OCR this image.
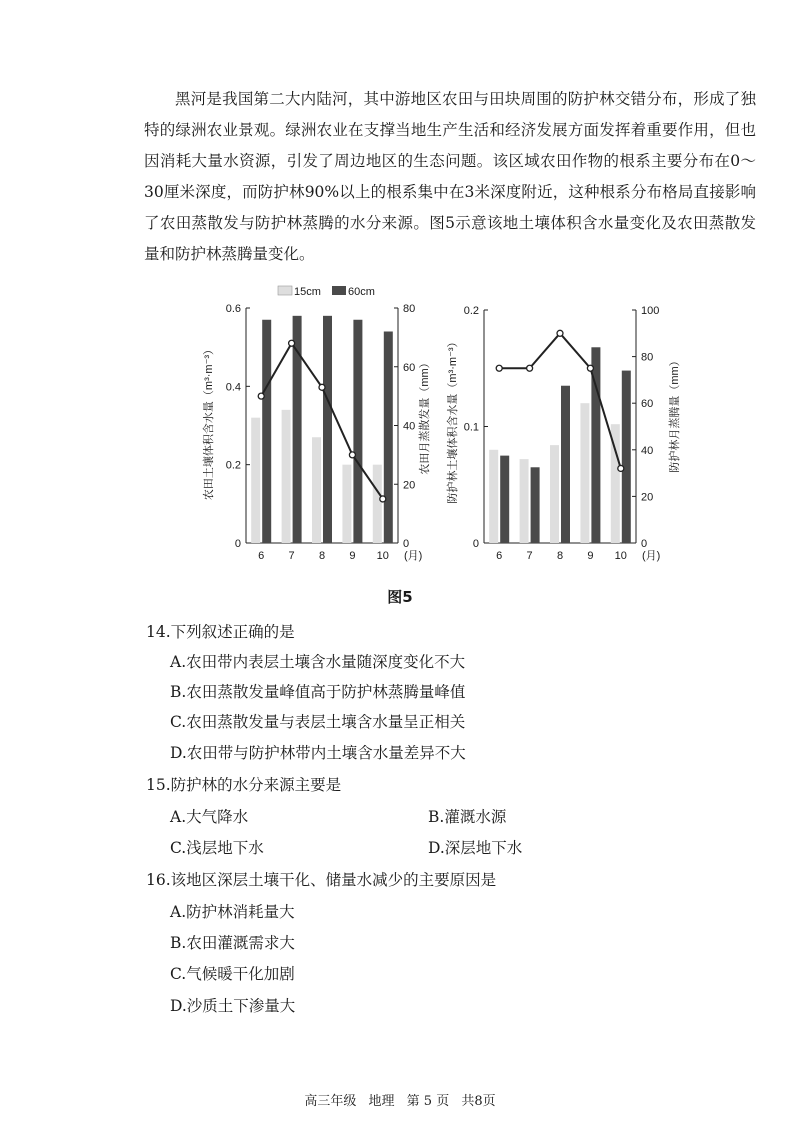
黑河是我国第二大内陆河，其中游地区农田与田块周围的防护林交错分布，形成了独特的绿洲农业景观。绿洲农业在支撑当地生产生活和经济发展方面发挥着重要作用，但也因消耗大量水资源，引发了周边地区的生态问题。该区域农田作物的根系主要分布在0～30厘米深度，而防护林90%以上的根系集中在3米深度附近，这种根系分布格局直接影响了农田蒸散发与防护林蒸腾的水分来源。图5示意该地土壤体积含水量变化及农田蒸散发量和防护林蒸腾量变化。

15cm 60cm
农田土壤体积含水量（m³·m⁻³）	农田月蒸散发量（mm）
0
0.2
0.4
0.6
0
20
40
60
80
6 7 8 9 10 (月)
防护林土壤体积含水量（m³·m⁻³）	防护林月蒸腾量（mm）
0
0.1
0.2
0
20
40
60
80
100
6 7 8 9 10 (月)
图5
14.下列叙述正确的是
A.农田带内表层土壤含水量随深度变化不大
B.农田蒸散发量峰值高于防护林蒸腾量峰值
C.农田蒸散发量与表层土壤含水量呈正相关
D.农田带与防护林带内土壤含水量差异不大
15.防护林的水分来源主要是
A.大气降水	B.灌溉水源
C.浅层地下水	D.深层地下水
16.该地区深层土壤干化、储量水减少的主要原因是
A.防护林消耗量大
B.农田灌溉需求大
C.气候暖干化加剧
D.沙质土下渗量大
高三年级 地理 第 5 页 共8页
